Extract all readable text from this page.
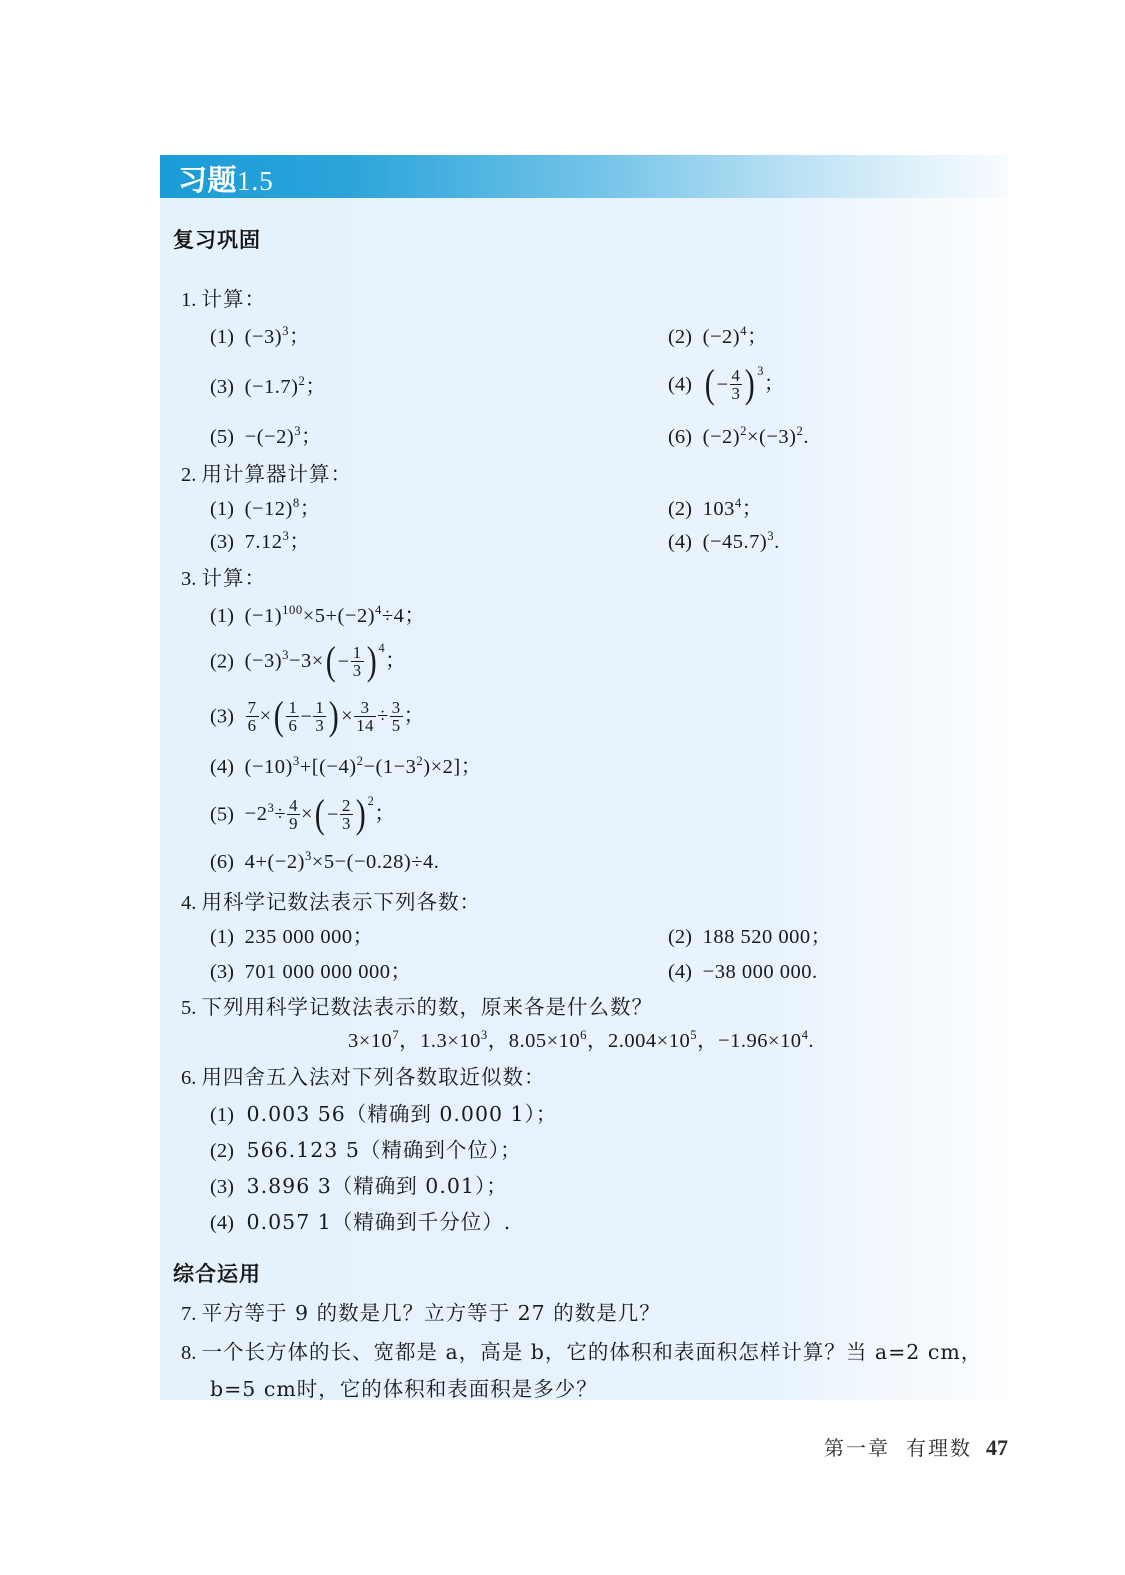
习题1.5
复习巩固
1. 计算：
(1)  $(-3)^3$；	(2)  $(-2)^4$；
(3)  $(-1.7)^2$；	(4) ( − $\frac{4}{3}$ ) $^3$；
$(5) -(-2)^3$；	(6)  $(-2)^2\times(-3)^2$.
2. 用计算器计算：
(1)  $(-12)^8$；	(2)  $103^4$；
(3)  7.12$^3$；	(4)  $(-45.7)^3$.
3. 计算：
(1)  $(-1)^{100}\times 5+(-2)^4\div 4$；
(2)  $(-3)^3-3\times$ ( − $\frac{1}{3}$ ) $^4$；
$(3) \frac{7}{6}$ × ( $\frac{1}{6} - \frac{1}{3}$ ) × $\frac{3}{14} \div \frac{3}{5}$ ；
(4)  $(-10)^3+[(-4)^2-(1-3^2)\times 2]$；
$(5) -2^3\div \frac{4}{9}$ × ( − $\frac{2}{3}$ ) $^2$；
(6)  $4+(-2)^3\times 5-(-0.28)\div 4$.
4. 用科学记数法表示下列各数：
(1)  235 000 000；	(2)  188 520 000；
(3)  701 000 000 000；	(4)  −38 000 000.
5. 下列用科学记数法表示的数，原来各是什么数？
$3\times 10^7$，$1.3\times 10^3$，$8.05\times 10^6$，$2.004\times 10^5$，$-1.96\times 10^4$.
6. 用四舍五入法对下列各数取近似数：
(1)  0.003 56（精确到 0.000 1）；
(2)  566.123 5（精确到个位）；
(3)  3.896 3（精确到 0.01）；
(4)  0.057 1（精确到千分位）.
综合运用
7. 平方等于 9 的数是几？立方等于 27 的数是几？
8. 一个长方体的长、宽都是 a，高是 b，它的体积和表面积怎样计算？当 a=2 cm，
b=5 cm时，它的体积和表面积是多少？
第一章 有理数 47
